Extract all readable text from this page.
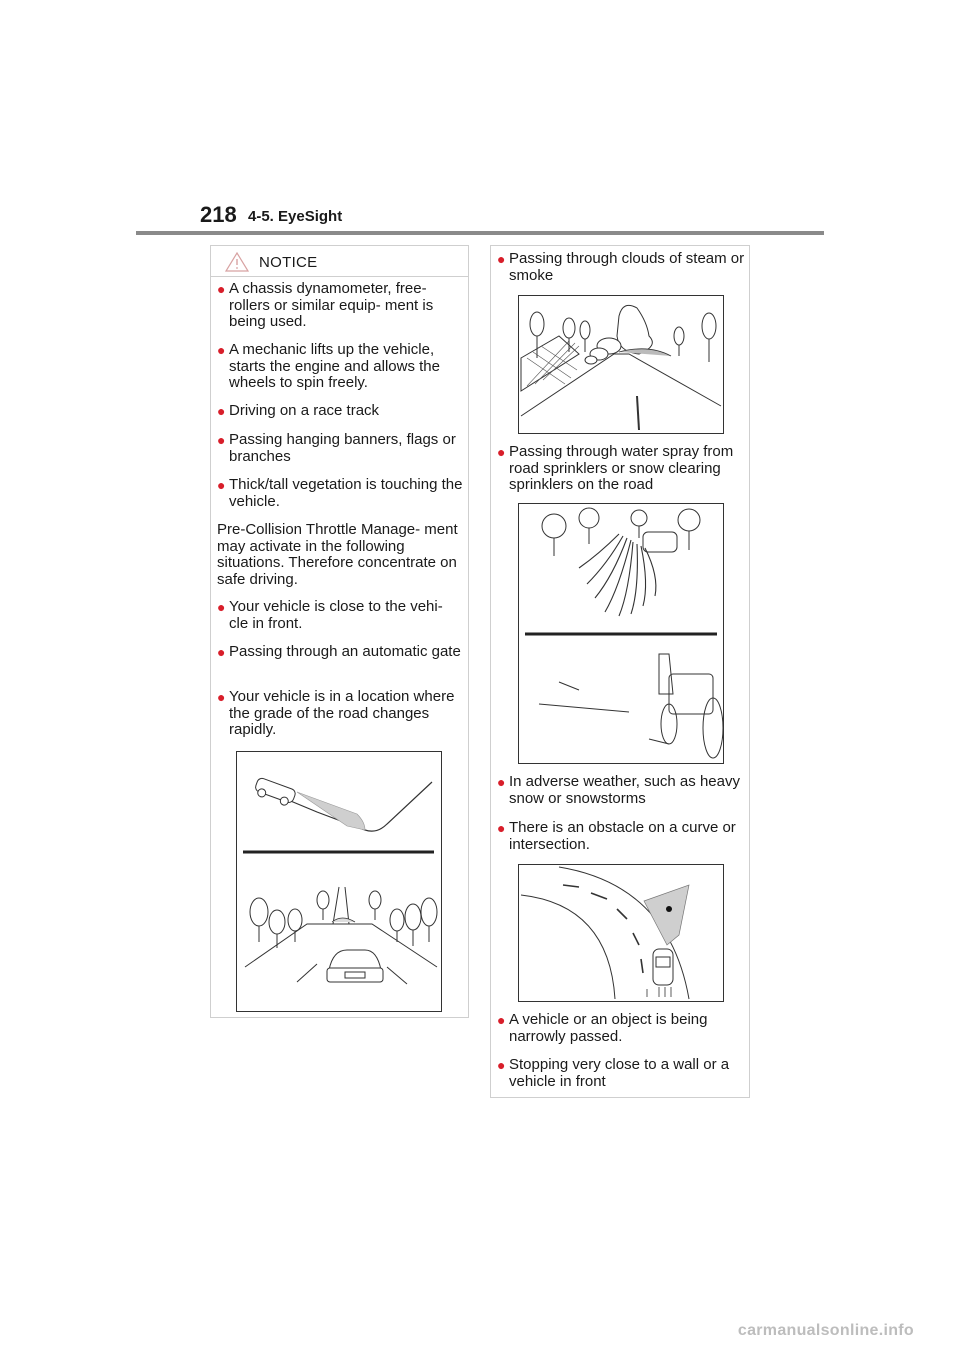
218 4-5. EyeSight
NOTICE
● A chassis dynamometer, free-rollers or similar equip- ment is being used.
● A mechanic lifts up the vehicle, starts the engine and allows the wheels to spin freely.
● Driving on a race track
● Passing hanging banners, flags or branches
● Thick/tall vegetation is touching the vehicle.
Pre-Collision Throttle Manage- ment may activate in the following situations. Therefore concentrate on safe driving.
● Your vehicle is close to the vehi- cle in front.
● Passing through an automatic gate
● Your vehicle is in a location where the grade of the road changes rapidly.
● Passing through clouds of steam or smoke
● Passing through water spray from road sprinklers or snow clearing sprinklers on the road
● In adverse weather, such as heavy snow or snowstorms
● There is an obstacle on a curve or intersection.
● A vehicle or an object is being narrowly passed.
● Stopping very close to a wall or a vehicle in front
carmanualsonline.info
